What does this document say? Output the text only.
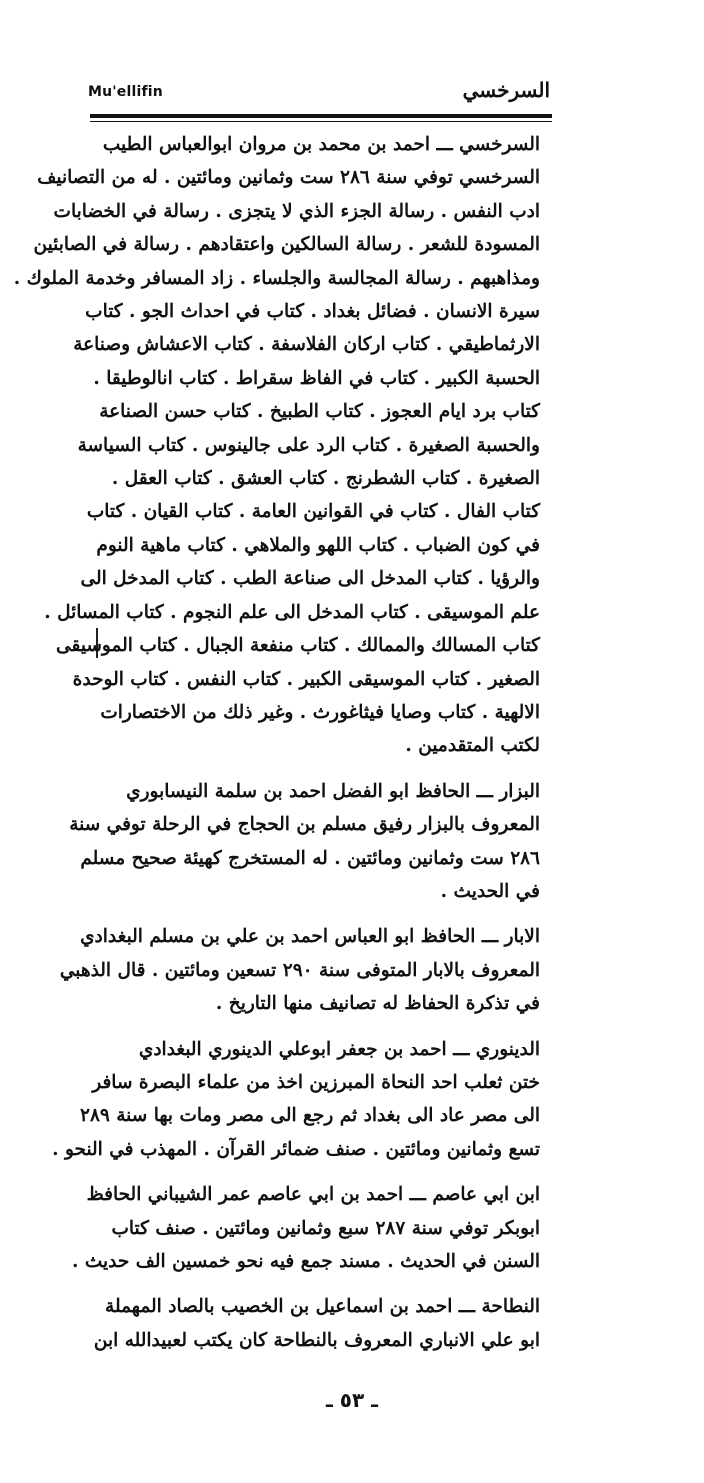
Mu'ellifin	السرخسي
السرخسي ـــ احمد بن محمد بن مروان ابوالعباس الطيب
السرخسي توفي سنة ٢٨٦ ست وثمانين ومائتين . له من التصانيف
ادب النفس . رسالة الجزء الذي لا يتجزى . رسالة في الخضابات
المسودة للشعر . رسالة السالكين واعتقادهم . رسالة في الصابئين
ومذاهبهم . رسالة المجالسة والجلساء . زاد المسافر وخدمة الملوك .
سيرة الانسان . فضائل بغداد . كتاب في احداث الجو . كتاب
الارثماطيقي . كتاب اركان الفلاسفة . كتاب الاعشاش وصناعة
الحسبة الكبير . كتاب في الفاظ سقراط . كتاب انالوطيقا .
كتاب برد ايام العجوز . كتاب الطبيخ . كتاب حسن الصناعة
والحسبة الصغيرة . كتاب الرد على جالينوس . كتاب السياسة
الصغيرة . كتاب الشطرنج . كتاب العشق . كتاب العقل .
كتاب الفال . كتاب في القوانين العامة . كتاب القيان . كتاب
في كون الضباب . كتاب اللهو والملاهي . كتاب ماهية النوم
والرؤيا . كتاب المدخل الى صناعة الطب . كتاب المدخل الى
علم الموسيقى . كتاب المدخل الى علم النجوم . كتاب المسائل .
كتاب المسالك والممالك . كتاب منفعة الجبال . كتاب الموسيقى
الصغير . كتاب الموسيقى الكبير . كتاب النفس . كتاب الوحدة
الالهية . كتاب وصايا فيثاغورث . وغير ذلك من الاختصارات
لكتب المتقدمين .
البزار ـــ الحافظ ابو الفضل احمد بن سلمة النيسابوري
المعروف بالبزار رفيق مسلم بن الحجاج في الرحلة توفي سنة
٢٨٦ ست وثمانين ومائتين . له المستخرج كهيئة صحيح مسلم
في الحديث .
الابار ـــ الحافظ ابو العباس احمد بن علي بن مسلم البغدادي
المعروف بالابار المتوفى سنة ٢٩٠ تسعين ومائتين . قال الذهبي
في تذكرة الحفاظ له تصانيف منها التاريخ .
الدينوري ـــ احمد بن جعفر ابوعلي الدينوري البغدادي
ختن ثعلب احد النحاة المبرزين اخذ من علماء البصرة سافر
الى مصر عاد الى بغداد ثم رجع الى مصر ومات بها سنة ٢٨٩
تسع وثمانين ومائتين . صنف ضمائر القرآن . المهذب في النحو .
ابن ابي عاصم ـــ احمد بن ابي عاصم عمر الشيباني الحافظ
ابوبكر توفي سنة ٢٨٧ سبع وثمانين ومائتين . صنف كتاب
السنن في الحديث . مسند جمع فيه نحو خمسين الف حديث .
النطاحة ـــ احمد بن اسماعيل بن الخصيب بالصاد المهملة
ابو علي الانباري المعروف بالنطاحة كان يكتب لعبيدالله ابن
ـ ٥٣ ـ
